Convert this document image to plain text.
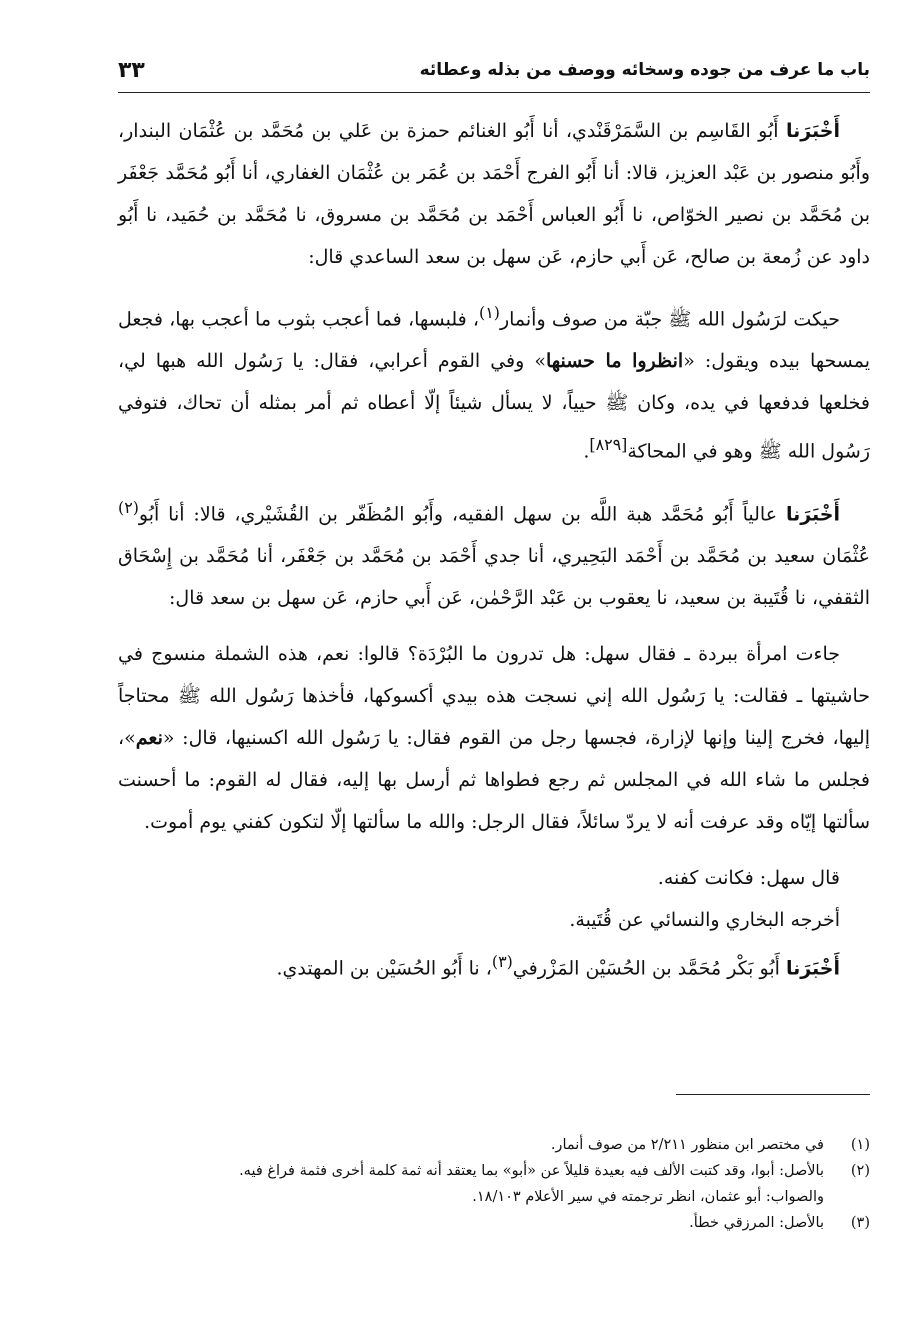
باب ما عرف من جوده وسخائه ووصف من بذله وعطائه
٣٣

أَخْبَرَنا أَبُو القَاسِم بن السَّمَرْقَنْدي، أنا أَبُو الغنائم حمزة بن عَلي بن مُحَمَّد بن عُثْمَان البندار، وأَبُو منصور بن عَبْد العزيز، قالا: أنا أَبُو الفرج أَحْمَد بن عُمَر بن عُثْمَان الغفاري، أنا أَبُو مُحَمَّد جَعْفَر بن مُحَمَّد بن نصير الخوّاص، نا أَبُو العباس أَحْمَد بن مُحَمَّد بن مسروق، نا مُحَمَّد بن حُمَيد، نا أَبُو داود عن زُمعة بن صالح، عَن أَبي حازم، عَن سهل بن سعد الساعدي قال:

حيكت لرَسُول الله ﷺ جبّة من صوف وأنمار$^{(١)}$، فلبسها، فما أعجب بثوب ما أعجب بها، فجعل يمسحها بيده ويقول: «انظروا ما حسنها» وفي القوم أعرابي، فقال: يا رَسُول الله هبها لي، فخلعها فدفعها في يده، وكان ﷺ حيياً، لا يسأل شيئاً إلّا أعطاه ثم أمر بمثله أن تحاك، فتوفي رَسُول الله ﷺ وهو في المحاكة[٨٢٩].

أَخْبَرَنا عالياً أَبُو مُحَمَّد هبة اللَّه بن سهل الفقيه، وأَبُو المُظَفّر بن القُشَيْري، قالا: أنا أَبُو$^{(٢)}$ عُثْمَان سعيد بن مُحَمَّد بن أَحْمَد البَحِيري، أنا جدي أَحْمَد بن مُحَمَّد بن جَعْفَر، أنا مُحَمَّد بن إِسْحَاق الثقفي، نا قُتَيبة بن سعيد، نا يعقوب بن عَبْد الرَّحْمٰن، عَن أَبي حازم، عَن سهل بن سعد قال:

جاءت امرأة ببردة ـ فقال سهل: هل تدرون ما البُرْدَة؟ قالوا: نعم، هذه الشملة منسوج في حاشيتها ـ فقالت: يا رَسُول الله إني نسجت هذه بيدي أكسوكها، فأخذها رَسُول الله ﷺ محتاجاً إليها، فخرج إلينا وإنها لإزارة، فجسها رجل من القوم فقال: يا رَسُول الله اكسنيها، قال: «نعم»، فجلس ما شاء الله في المجلس ثم رجع فطواها ثم أرسل بها إليه، فقال له القوم: ما أحسنت سألتها إيّاه وقد عرفت أنه لا يردّ سائلاً، فقال الرجل: والله ما سألتها إلّا لتكون كفني يوم أموت.

قال سهل: فكانت كفنه.

أخرجه البخاري والنسائي عن قُتَيبة.

أَخْبَرَنا أَبُو بَكْر مُحَمَّد بن الحُسَيْن المَزْرفي$^{(٣)}$، نا أَبُو الحُسَيْن بن المهتدي.

(١)
في مختصر ابن منظور ٢/٢١١ من صوف أنمار.
(٢)
بالأصل: أبوا، وقد كتبت الألف فيه بعيدة قليلاً عن «أبو» بما يعتقد أنه ثمة كلمة أخرى فثمة فراغ فيه.
والصواب: أبو عثمان، انظر ترجمته في سير الأعلام ١٨/١٠٣.
(٣)
بالأصل: المرزقي خطأ.
